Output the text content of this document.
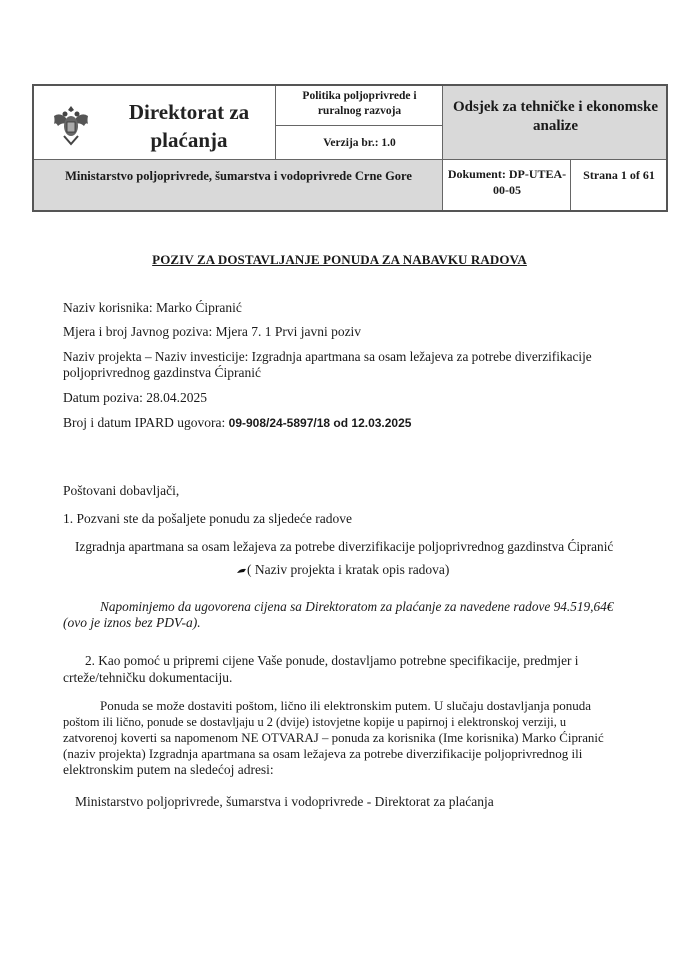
Direktorat za plaćanja
Politika poljoprivrede i ruralnog razvoja
Verzija br.: 1.0
Odsjek za tehničke i ekonomske analize
Ministarstvo poljoprivrede, šumarstva i vodoprivrede Crne Gore	Dokument: DP-UTEA-00-05
Strana 1 of 61
POZIV ZA DOSTAVLJANJE PONUDA ZA NABAVKU RADOVA
Naziv korisnika: Marko Ćipranić
Mjera i broj Javnog poziva: Mjera 7. 1 Prvi javni poziv
Naziv projekta – Naziv investicije: Izgradnja apartmana sa osam ležajeva za potrebe diverzifikacije
poljoprivrednog gazdinstva Ćipranić
Datum poziva: 28.04.2025
Broj i datum IPARD ugovora: 09-908/24-5897/18 od 12.03.2025
Poštovani dobavljači,
1. Pozvani ste da pošaljete ponudu za sljedeće radove
Izgradnja apartmana sa osam ležajeva za potrebe diverzifikacije poljoprivrednog gazdinstva Ćipranić
( Naziv projekta i kratak opis radova)
Napominjemo da ugovorena cijena sa Direktoratom za plaćanje za navedene radove 94.519,64€
(ovo je iznos bez PDV-a).
2. Kao pomoć u pripremi cijene Vaše ponude, dostavljamo potrebne specifikacije, predmjer i
crteže/tehničku dokumentaciju.
Ponuda se može dostaviti poštom, lično ili elektronskim putem. U slučaju dostavljanja ponuda
poštom ili lično, ponude se dostavljaju u 2 (dvije) istovjetne kopije u papirnoj i elektronskoj verziji, u
zatvorenoj koverti sa napomenom NE OTVARAJ – ponuda za korisnika (Ime korisnika) Marko Ćipranić
(naziv projekta) Izgradnja apartmana sa osam ležajeva za potrebe diverzifikacije poljoprivrednog ili
elektronskim putem na sledećoj adresi:
Ministarstvo poljoprivrede, šumarstva i vodoprivrede - Direktorat za plaćanja
